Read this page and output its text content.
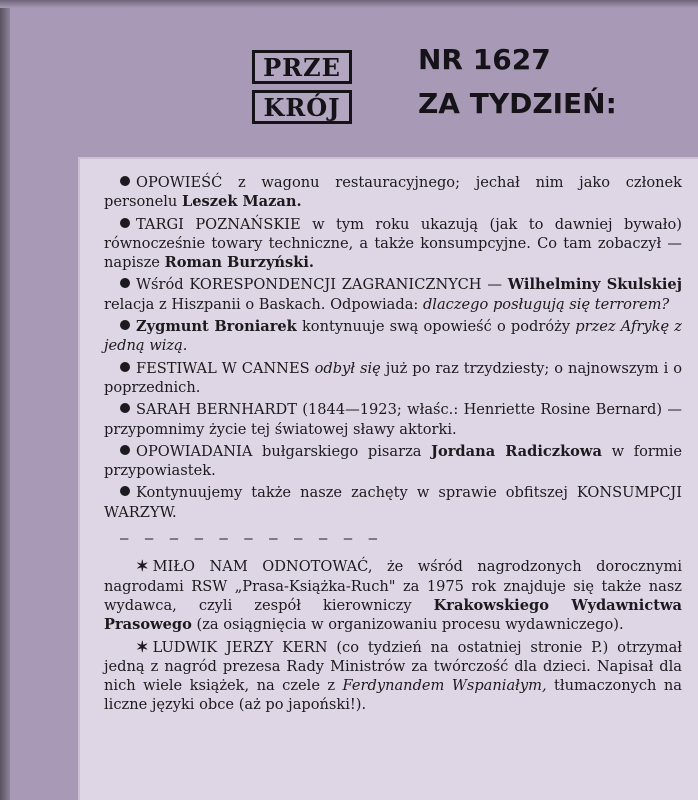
PRZE
KRÓJ
NR 1627
ZA TYDZIEŃ:

OPOWIEŚĆ z wagonu restauracyjnego; jechał nim jako członek personelu Leszek Mazan.

TARGI POZNAŃSKIE w tym roku ukazują (jak to dawniej bywało) równocześnie towary techniczne, a także konsumpcyjne. Co tam zobaczył — napisze Roman Burzyński.

Wśród KORESPONDENCJI ZAGRANICZNYCH — Wilhelminy Skulskiej relacja z Hiszpanii o Baskach. Odpowiada: dlaczego posługują się terrorem?

Zygmunt Broniarek kontynuuje swą opowieść o podróży przez Afrykę z jedną wizą.

FESTIWAL W CANNES odbył się już po raz trzydziesty; o najnowszym i o poprzednich.

SARAH BERNHARDT (1844—1923; właśc.: Henriette Rosine Bernard) — przypomnimy życie tej światowej sławy aktorki.

OPOWIADANIA bułgarskiego pisarza Jordana Radiczkowa w formie przypowiastek.

Kontynuujemy także nasze zachęty w sprawie obfitszej KONSUMPCJI WARZYW.

— — — — — — — — — — —

✶ MIŁO NAM ODNOTOWAĆ, że wśród nagrodzonych dorocznymi nagrodami RSW „Prasa-Książka-Ruch" za 1975 rok znajduje się także nasz wydawca, czyli zespół kierowniczy Krakowskiego Wydawnictwa Prasowego (za osiągnięcia w organizowaniu procesu wydawniczego).

✶ LUDWIK JERZY KERN (co tydzień na ostatniej stronie P.) otrzymał jedną z nagród prezesa Rady Ministrów za twórczość dla dzieci. Napisał dla nich wiele książek, na czele z Ferdynandem Wspaniałym, tłumaczonych na liczne języki obce (aż po japoński!).
